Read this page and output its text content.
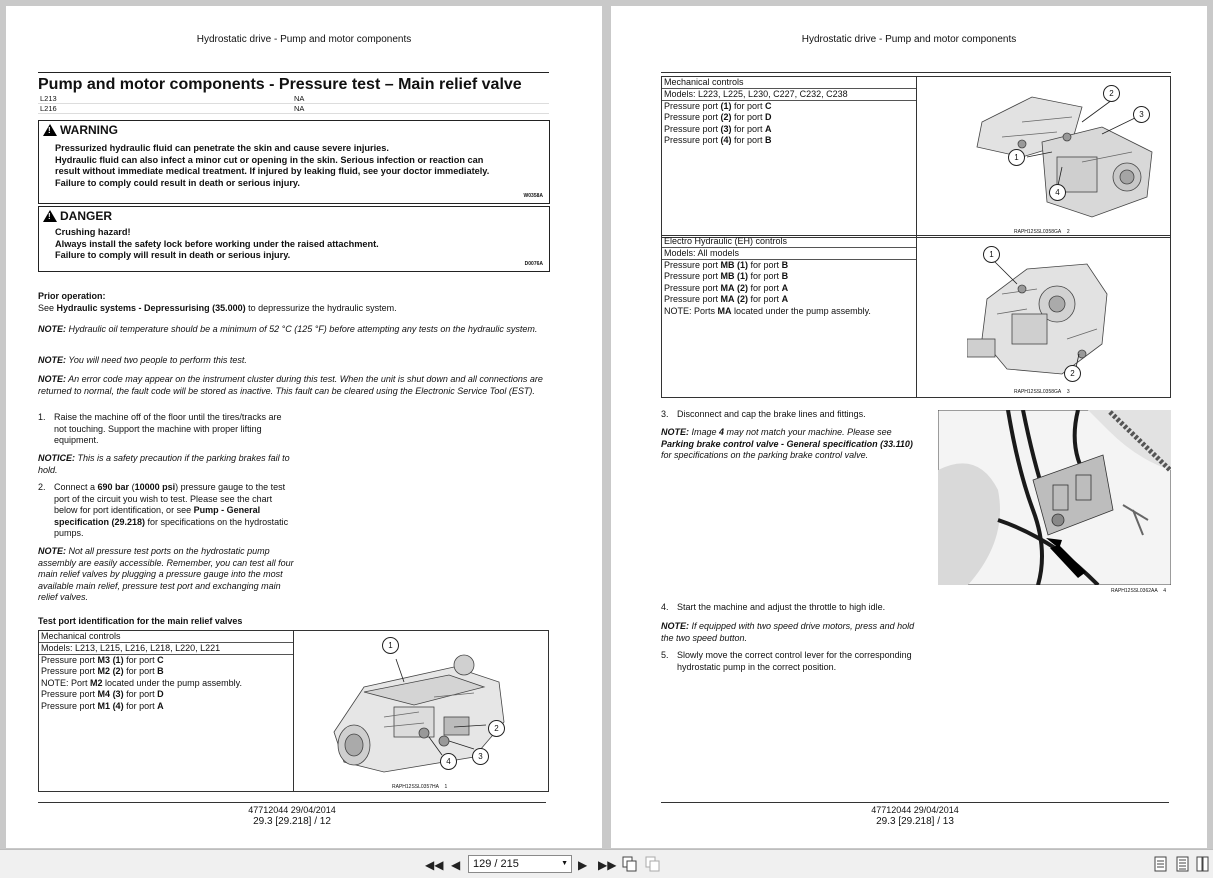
Hydrostatic drive - Pump and motor components
Pump and motor components - Pressure test – Main relief valve
L213	NA
L216	NA
!
WARNING
Pressurized hydraulic fluid can penetrate the skin and cause severe injuries.
Hydraulic fluid can also infect a minor cut or opening in the skin. Serious infection or reaction can
result without immediate medical treatment. If injured by leaking fluid, see your doctor immediately.
Failure to comply could result in death or serious injury.
W0358A
!
DANGER
Crushing hazard!
Always install the safety lock before working under the raised attachment.
Failure to comply will result in death or serious injury.
D0076A
Prior operation:
See Hydraulic systems - Depressurising (35.000) to depressurize the hydraulic system.
NOTE: Hydraulic oil temperature should be a minimum of 52 °C (125 °F) before attempting any tests on the hydraulic system.
NOTE: You will need two people to perform this test.
NOTE: An error code may appear on the instrument cluster during this test. When the unit is shut down and all connections are returned to normal, the fault code will be stored as inactive. This fault can be cleared using the Electronic Service Tool (EST).
1. Raise the machine off of the floor until the tires/tracks are not touching. Support the machine with proper lifting equipment.
NOTICE: This is a safety precaution if the parking brakes fail to hold.
2. Connect a 690 bar (10000 psi) pressure gauge to the test port of the circuit you wish to test. Please see the chart below for port identification, or see Pump - General specification (29.218) for specifications on the hydrostatic pumps.
NOTE: Not all pressure test ports on the hydrostatic pump assembly are easily accessible. Remember, you can test all four main relief valves by plugging a pressure gauge into the most available main relief, pressure test port and exchanging main relief valves.
Test port identification for the main relief valves
Mechanical controls
Models: L213, L215, L216, L218, L220, L221
Pressure port M3 (1) for port C
Pressure port M2 (2) for port B
NOTE: Port M2 located under the pump assembly.
Pressure port M4 (3) for port D
Pressure port M1 (4) for port A
1
2
3
4
RAPH12SSL0357HA 1
47712044 29/04/2014
29.3 [29.218] / 12
Hydrostatic drive - Pump and motor components
Mechanical controls
Models: L223, L225, L230, C227, C232, C238
Pressure port (1) for port C
Pressure port (2) for port D
Pressure port (3) for port A
Pressure port (4) for port B
2
3
1
4
RAPH12SSL0358GA 2
Electro Hydraulic (EH) controls
Models: All models
Pressure port MB (1) for port B
Pressure port MB (1) for port B
Pressure port MA (2) for port A
Pressure port MA (2) for port A
NOTE: Ports MA located under the pump assembly.
1
2
RAPH12SSL0358GA 3
3. Disconnect and cap the brake lines and fittings.
NOTE: Image 4 may not match your machine. Please see Parking brake control valve - General specification (33.110) for specifications on the parking brake control valve.
RAPH12SSL0362AA 4
4. Start the machine and adjust the throttle to high idle.
NOTE: If equipped with two speed drive motors, press and hold the two speed button.
5. Slowly move the correct control lever for the corresponding hydrostatic pump in the correct position.
47712044 29/04/2014
29.3 [29.218] / 13
◀◀ ◀	129 / 215	▼ ▶ ▶▶
